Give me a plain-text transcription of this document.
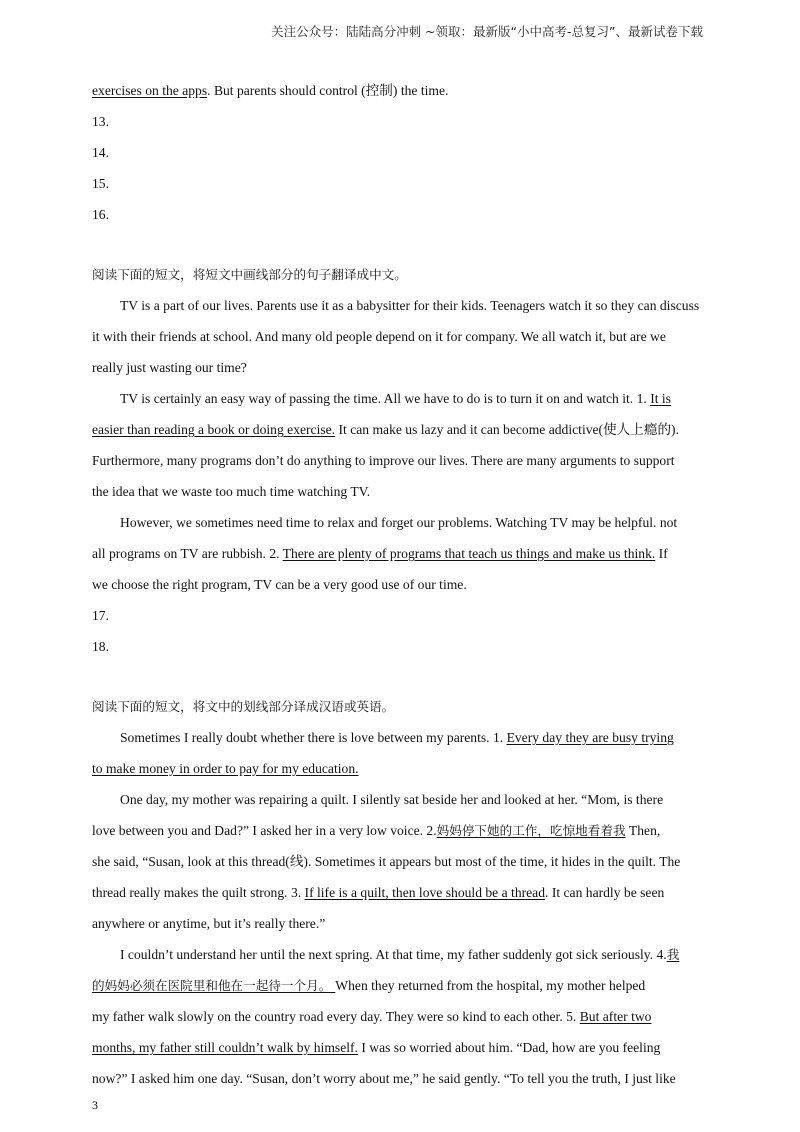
关注公众号：陆陆高分冲刺 ~领取：最新版“小中高考-总复习”、最新试卷下载
exercises on the apps. But parents should control (控制) the time.
13.
14.
15.
16.
阅读下面的短文，将短文中画线部分的句子翻译成中文。
TV is a part of our lives. Parents use it as a babysitter for their kids. Teenagers watch it so they can discuss
it with their friends at school. And many old people depend on it for company. We all watch it, but are we
really just wasting our time?
TV is certainly an easy way of passing the time. All we have to do is to turn it on and watch it. 1. It is
easier than reading a book or doing exercise. It can make us lazy and it can become addictive(使人上瘾的).
Furthermore, many programs don’t do anything to improve our lives. There are many arguments to support
the idea that we waste too much time watching TV.
However, we sometimes need time to relax and forget our problems. Watching TV may be helpful. not
all programs on TV are rubbish. 2. There are plenty of programs that teach us things and make us think. If
we choose the right program, TV can be a very good use of our time.
17.
18.
阅读下面的短文，将文中的划线部分译成汉语或英语。
Sometimes I really doubt whether there is love between my parents. 1. Every day they are busy trying
to make money in order to pay for my education.
One day, my mother was repairing a quilt. I silently sat beside her and looked at her. “Mom, is there
love between you and Dad?” I asked her in a very low voice. 2.妈妈停下她的工作，吃惊地看着我 Then,
she said, “Susan, look at this thread(线). Sometimes it appears but most of the time, it hides in the quilt. The
thread really makes the quilt strong. 3. If life is a quilt, then love should be a thread. It can hardly be seen
anywhere or anytime, but it’s really there.”
I couldn’t understand her until the next spring. At that time, my father suddenly got sick seriously. 4.我
的妈妈必须在医院里和他在一起待一个月。 When they returned from the hospital, my mother helped
my father walk slowly on the country road every day. They were so kind to each other. 5. But after two
months, my father still couldn’t walk by himself. I was so worried about him. “Dad, how are you feeling
now?” I asked him one day. “Susan, don’t worry about me,” he said gently. “To tell you the truth, I just like
3
